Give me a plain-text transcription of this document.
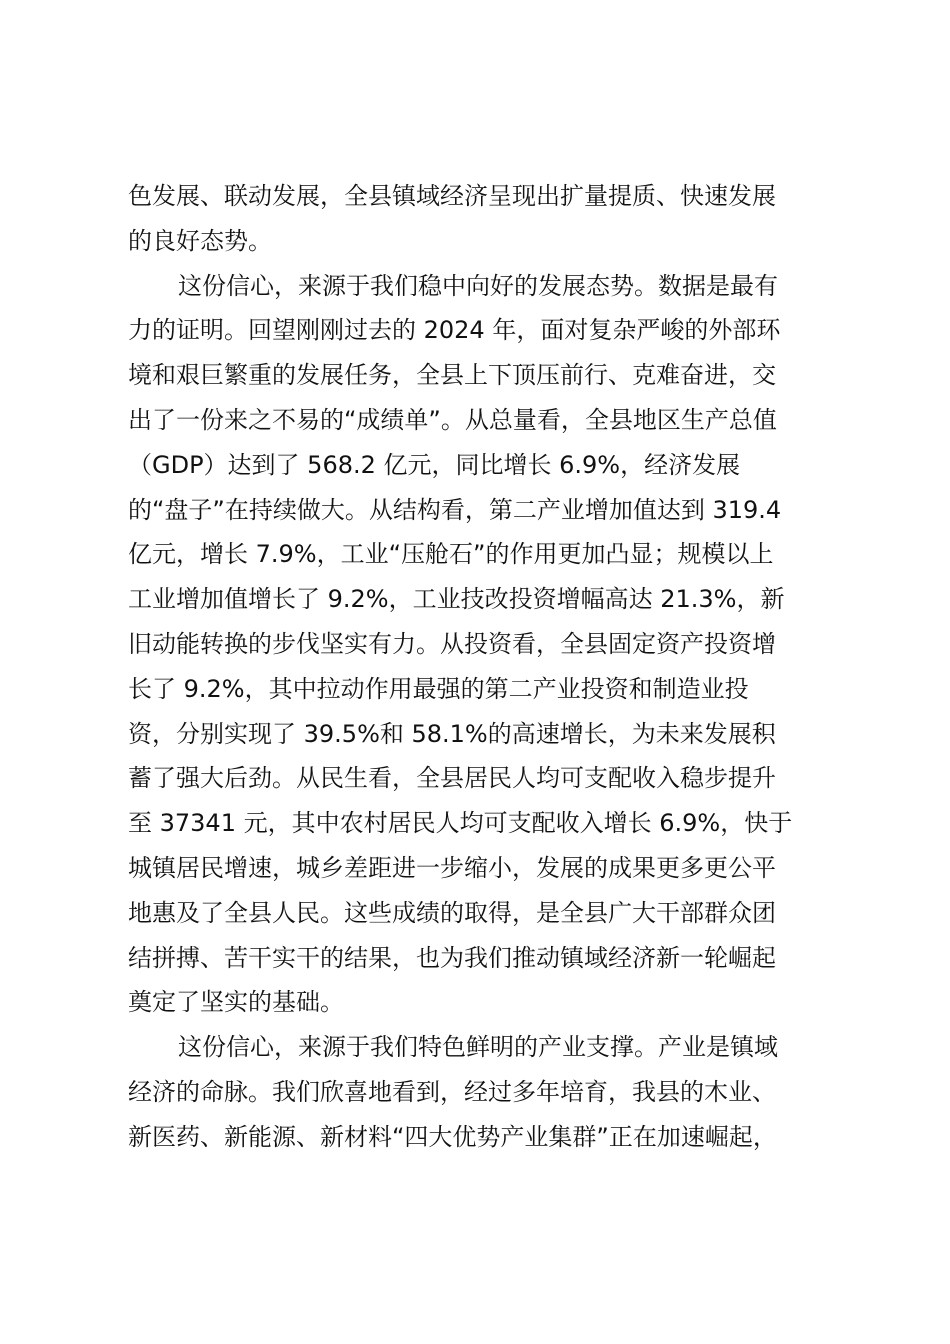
色发展、联动发展，全县镇域经济呈现出扩量提质、快速发展
的良好态势。

这份信心，来源于我们稳中向好的发展态势。数据是最有
力的证明。回望刚刚过去的 2024 年，面对复杂严峻的外部环
境和艰巨繁重的发展任务，全县上下顶压前行、克难奋进，交
出了一份来之不易的“成绩单”。从总量看，全县地区生产总值
（GDP）达到了 568.2 亿元，同比增长 6.9%，经济发展
的“盘子”在持续做大。从结构看，第二产业增加值达到 319.4
亿元，增长 7.9%，工业“压舱石”的作用更加凸显；规模以上
工业增加值增长了 9.2%，工业技改投资增幅高达 21.3%，新
旧动能转换的步伐坚实有力。从投资看，全县固定资产投资增
长了 9.2%，其中拉动作用最强的第二产业投资和制造业投
资，分别实现了 39.5%和 58.1%的高速增长，为未来发展积
蓄了强大后劲。从民生看，全县居民人均可支配收入稳步提升
至 37341 元，其中农村居民人均可支配收入增长 6.9%，快于
城镇居民增速，城乡差距进一步缩小，发展的成果更多更公平
地惠及了全县人民。这些成绩的取得，是全县广大干部群众团
结拼搏、苦干实干的结果，也为我们推动镇域经济新一轮崛起
奠定了坚实的基础。

这份信心，来源于我们特色鲜明的产业支撑。产业是镇域
经济的命脉。我们欣喜地看到，经过多年培育，我县的木业、
新医药、新能源、新材料“四大优势产业集群”正在加速崛起，
